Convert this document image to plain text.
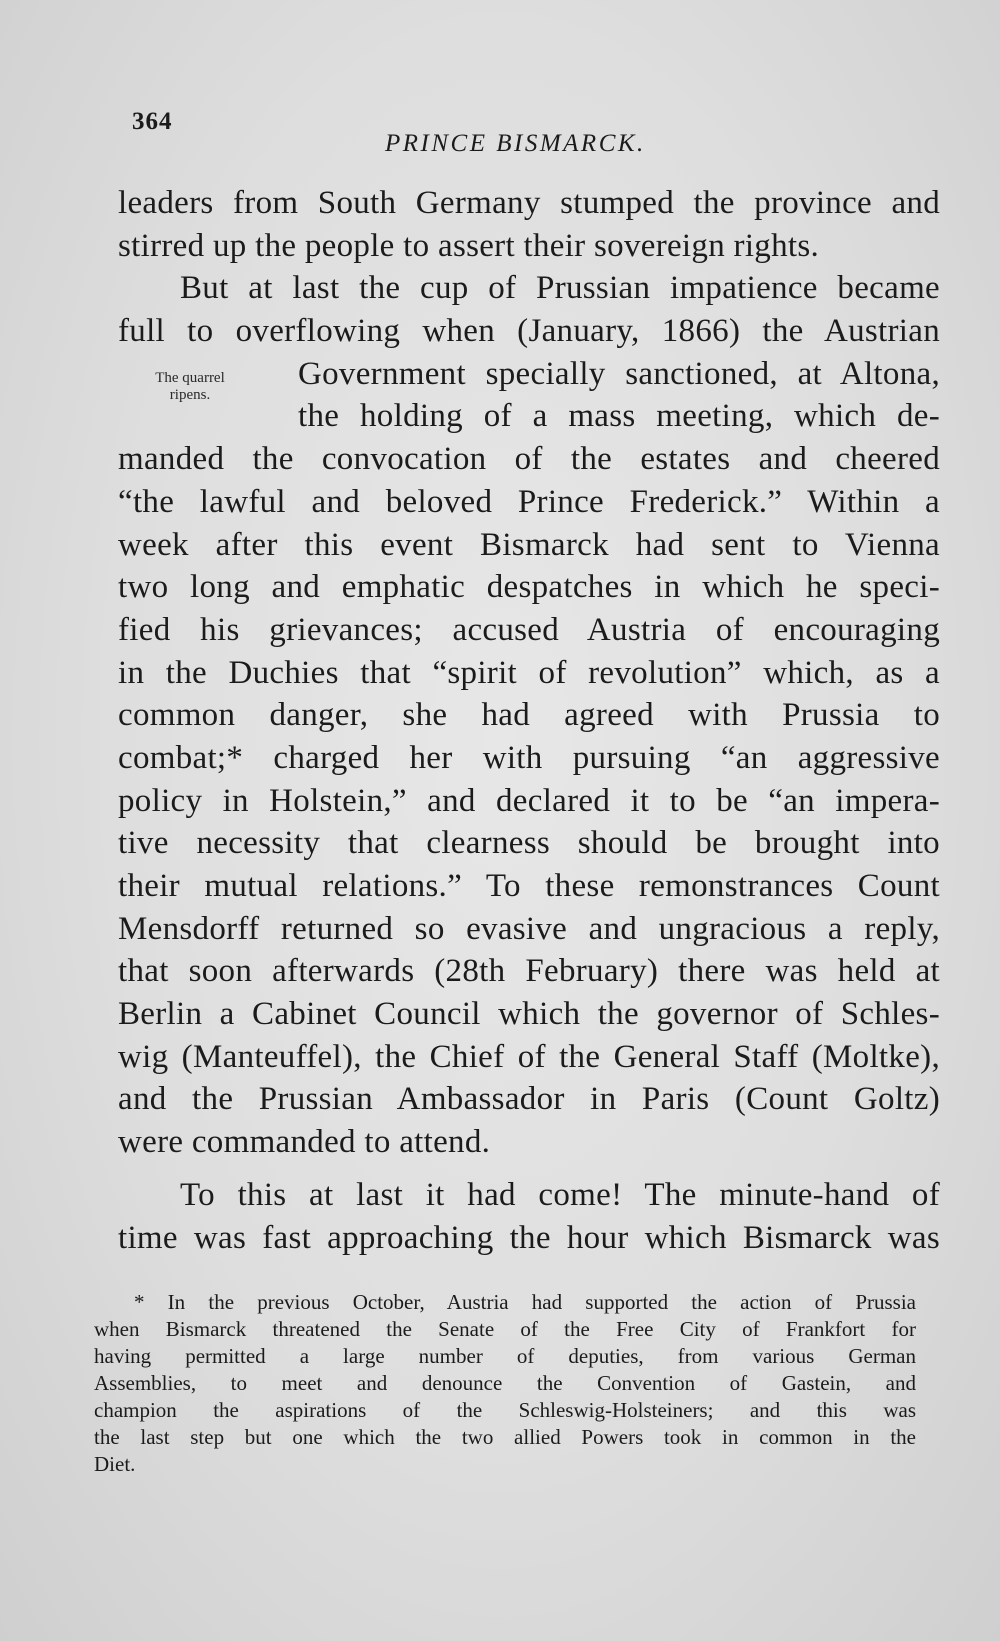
364
PRINCE BISMARCK.
The quarrel
ripens.
leaders from South Germany stumped the province and
stirred up the people to assert their sovereign rights.
But at last the cup of Prussian impatience became
full to overflowing when (January, 1866) the Austrian
Government specially sanctioned, at Altona,
the holding of a mass meeting, which de-
manded the convocation of the estates and cheered
“the lawful and beloved Prince Frederick.” Within a
week after this event Bismarck had sent to Vienna
two long and emphatic despatches in which he speci-
fied his grievances; accused Austria of encouraging
in the Duchies that “spirit of revolution” which, as a
common danger, she had agreed with Prussia to
combat;* charged her with pursuing “an aggressive
policy in Holstein,” and declared it to be “an impera-
tive necessity that clearness should be brought into
their mutual relations.” To these remonstrances Count
Mensdorff returned so evasive and ungracious a reply,
that soon afterwards (28th February) there was held at
Berlin a Cabinet Council which the governor of Schles-
wig (Manteuffel), the Chief of the General Staff (Moltke),
and the Prussian Ambassador in Paris (Count Goltz)
were commanded to attend.
To this at last it had come! The minute-hand of
time was fast approaching the hour which Bismarck was
* In the previous October, Austria had supported the action of Prussia
when Bismarck threatened the Senate of the Free City of Frankfort for
having permitted a large number of deputies, from various German
Assemblies, to meet and denounce the Convention of Gastein, and
champion the aspirations of the Schleswig-Holsteiners; and this was
the last step but one which the two allied Powers took in common in the
Diet.
